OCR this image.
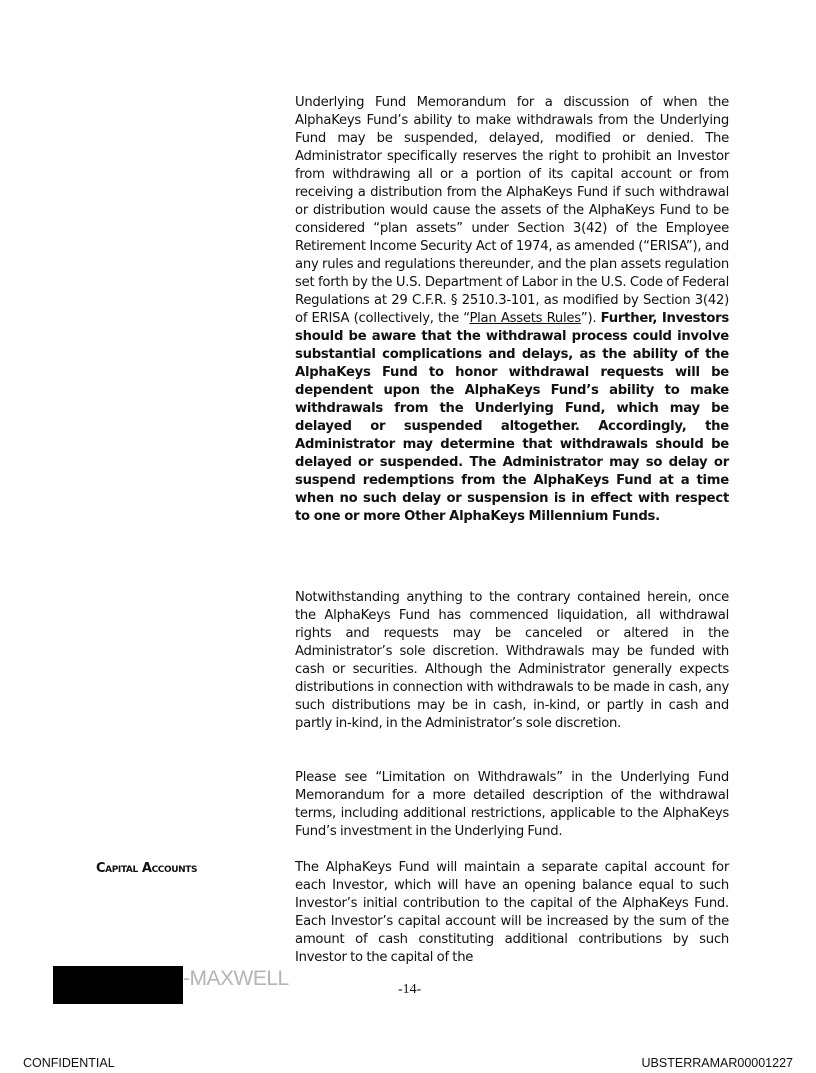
Underlying Fund Memorandum for a discussion of when the AlphaKeys Fund’s ability to make withdrawals from the Underlying Fund may be suspended, delayed, modified or denied. The Administrator specifically reserves the right to prohibit an Investor from withdrawing all or a portion of its capital account or from receiving a distribution from the AlphaKeys Fund if such withdrawal or distribution would cause the assets of the AlphaKeys Fund to be considered “plan assets” under Section 3(42) of the Employee Retirement Income Security Act of 1974, as amended (“ERISA”), and any rules and regulations thereunder, and the plan assets regulation set forth by the U.S. Department of Labor in the U.S. Code of Federal Regulations at 29 C.F.R. § 2510.3-101, as modified by Section 3(42) of ERISA (collectively, the “Plan Assets Rules”). Further, Investors should be aware that the withdrawal process could involve substantial complications and delays, as the ability of the AlphaKeys Fund to honor withdrawal requests will be dependent upon the AlphaKeys Fund’s ability to make withdrawals from the Underlying Fund, which may be delayed or suspended altogether. Accordingly, the Administrator may determine that withdrawals should be delayed or suspended. The Administrator may so delay or suspend redemptions from the AlphaKeys Fund at a time when no such delay or suspension is in effect with respect to one or more Other AlphaKeys Millennium Funds.

Notwithstanding anything to the contrary contained herein, once the AlphaKeys Fund has commenced liquidation, all withdrawal rights and requests may be canceled or altered in the Administrator’s sole discretion. Withdrawals may be funded with cash or securities. Although the Administrator generally expects distributions in connection with withdrawals to be made in cash, any such distributions may be in cash, in-kind, or partly in cash and partly in-kind, in the Administrator’s sole discretion.

Please see “Limitation on Withdrawals” in the Underlying Fund Memorandum for a more detailed description of the withdrawal terms, including additional restrictions, applicable to the AlphaKeys Fund’s investment in the Underlying Fund.

Capital Accounts	The AlphaKeys Fund will maintain a separate capital account for each Investor, which will have an opening balance equal to such Investor’s initial contribution to the capital of the AlphaKeys Fund. Each Investor’s capital account will be increased by the sum of the amount of cash constituting additional contributions by such Investor to the capital of the

-MAXWELL	-14-
CONFIDENTIAL	UBSTERRAMAR00001227
